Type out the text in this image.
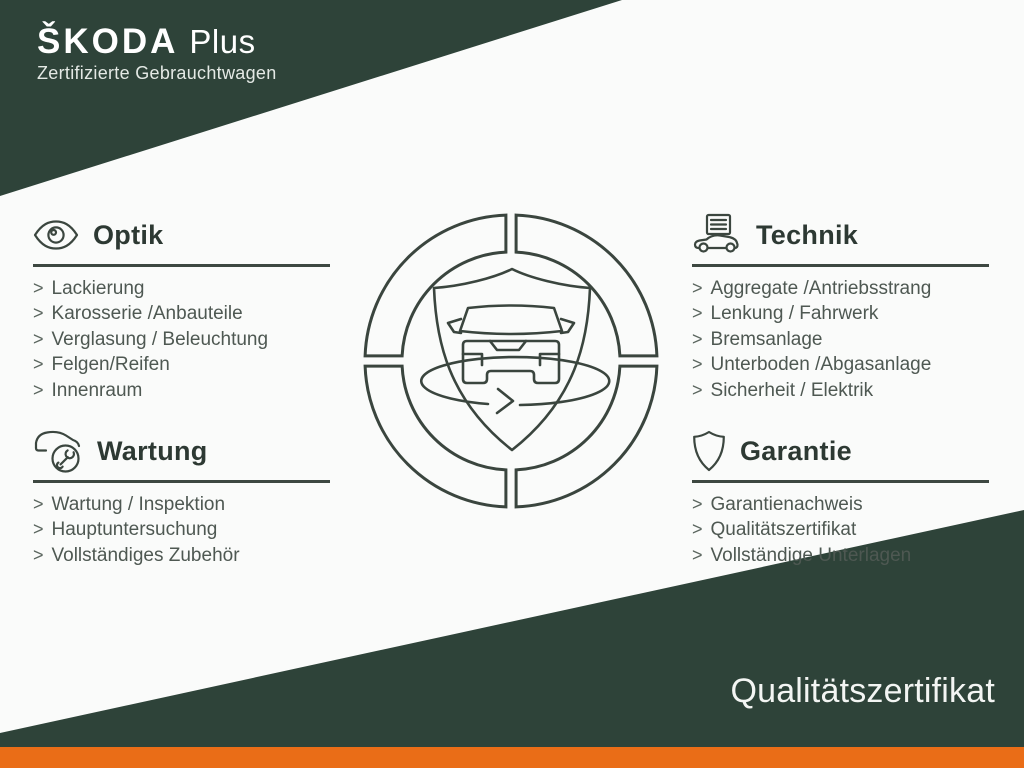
ŠKODA Plus
Zertifizierte Gebrauchtwagen
Optik
> Lackierung
> Karosserie /Anbauteile
> Verglasung / Beleuchtung
> Felgen/Reifen
> Innenraum
Wartung
> Wartung / Inspektion
> Hauptuntersuchung
> Vollständiges Zubehör
Technik
> Aggregate /Antriebsstrang
> Lenkung / Fahrwerk
> Bremsanlage
> Unterboden /Abgasanlage
> Sicherheit / Elektrik
Garantie
> Garantienachweis
> Qualitätszertifikat
> Vollständige Unterlagen
Qualitätszertifikat
